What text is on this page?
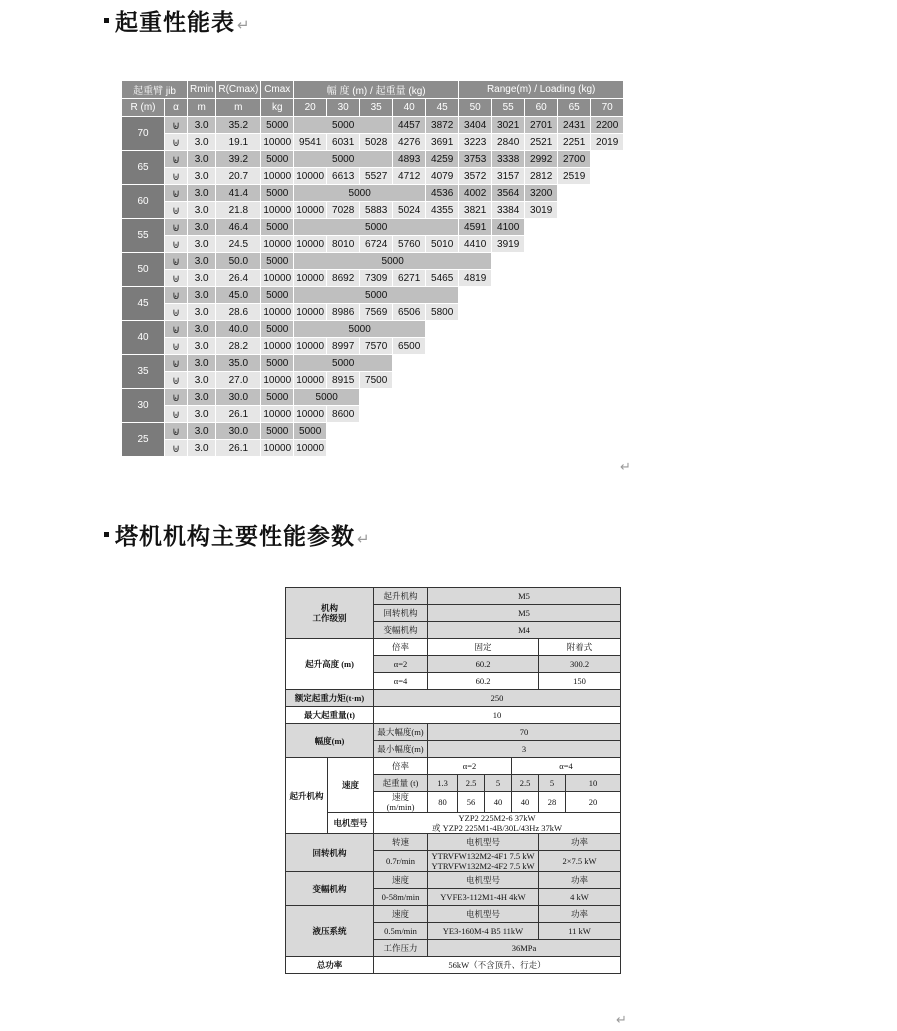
起重性能表 ↵
起重臂 jib		Rmin	R(Cmax)	Cmax	幅 度 (m) / 起重量 (kg)					Range(m) / Loading (kg)				
R (m)	α	m	m	kg	20	30	35	40	45	50	55	60	65	70
70	⊌	3.0	35.2	5000	5000			4457	3872	3404	3021	2701	2431	2200
	⊎	3.0	19.1	10000	9541	6031	5028	4276	3691	3223	2840	2521	2251	2019
65	⊌	3.0	39.2	5000	5000			4893	4259	3753	3338	2992	2700	
	⊎	3.0	20.7	10000	10000	6613	5527	4712	4079	3572	3157	2812	2519	
60	⊌	3.0	41.4	5000	5000				4536	4002	3564	3200		
	⊎	3.0	21.8	10000	10000	7028	5883	5024	4355	3821	3384	3019		
55	⊌	3.0	46.4	5000	5000					4591	4100			
	⊎	3.0	24.5	10000	10000	8010	6724	5760	5010	4410	3919			
50	⊌	3.0	50.0	5000	5000									
	⊎	3.0	26.4	10000	10000	8692	7309	6271	5465	4819				
45	⊌	3.0	45.0	5000	5000									
	⊎	3.0	28.6	10000	10000	8986	7569	6506	5800					
40	⊌	3.0	40.0	5000	5000									
	⊎	3.0	28.2	10000	10000	8997	7570	6500						
35	⊌	3.0	35.0	5000	5000									
	⊎	3.0	27.0	10000	10000	8915	7500							
30	⊌	3.0	30.0	5000	5000									
	⊎	3.0	26.1	10000	10000	8600								
25	⊌	3.0	30.0	5000	5000									
	⊎	3.0	26.1	10000	10000									
↵
塔机机构主要性能参数 ↵
机构
工作级别		起升机构	M5					
		回转机构	M5					
		变幅机构	M4					
起升高度 (m)		倍率	固定				附着式	
		α=2	60.2				300.2	
		α=4	60.2				150	
额定起重力矩(t·m)		250						
最大起重量(t)		10						
幅度(m)		最大幅度(m)	70					
		最小幅度(m)	3					
起升机构	速度	倍率	α=2			α=4		
		起重量 (t)	1.3	2.5	5	2.5	5	10
		速度
(m/min)	80	56	40	40	28	20
	电机型号	YZP2 225M2-6 37kW
或 YZP2 225M1-4B/30L/43Hz 37kW						

回转机构		转速	电机型号				功率	
		0.7r/min	YTRVFW132M2-4F1 7.5 kW
YTRVFW132M2-4F2 7.5 kW				2×7.5 kW	
变幅机构		速度	电机型号				功率	
		0-58m/min	YVFE3-112M1-4H 4kW				4 kW	
液压系统		速度	电机型号				功率	
		0.5m/min	YE3-160M-4 B5 11kW				11 kW	
		工作压力	36MPa					
总功率		56kW（不含顶升、行走）						
↵
